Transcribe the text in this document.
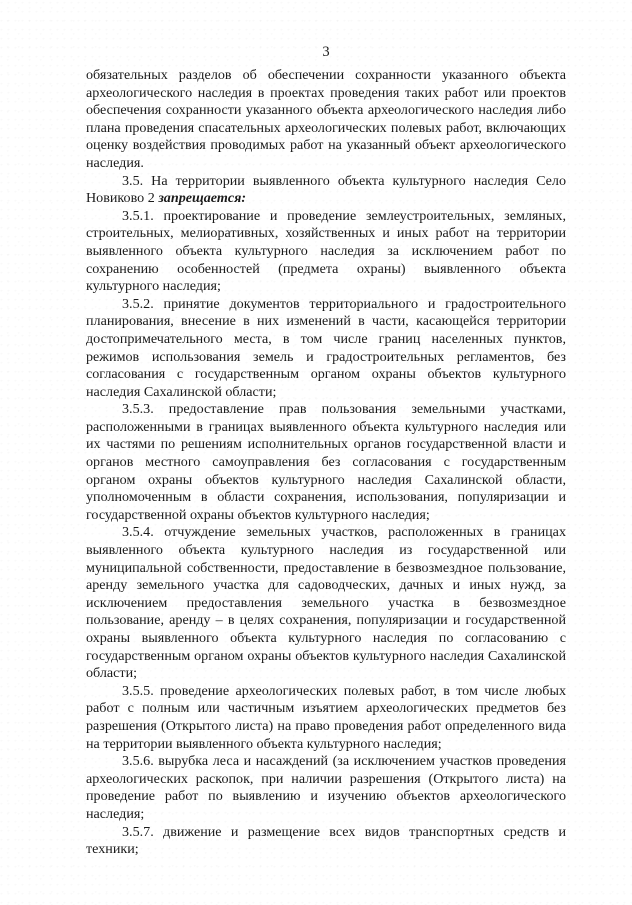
3

обязательных разделов об обеспечении сохранности указанного объекта археологического наследия в проектах проведения таких работ или проектов обеспечения сохранности указанного объекта археологического наследия либо плана проведения спасательных археологических полевых работ, включающих оценку воздействия проводимых работ на указанный объект археологического наследия.

3.5. На территории выявленного объекта культурного наследия Село Новиково 2 запрещается:

3.5.1. проектирование и проведение землеустроительных, земляных, строительных, мелиоративных, хозяйственных и иных работ на территории выявленного объекта культурного наследия за исключением работ по сохранению особенностей (предмета охраны) выявленного объекта культурного наследия;

3.5.2. принятие документов территориального и градостроительного планирования, внесение в них изменений в части, касающейся территории достопримечательного места, в том числе границ населенных пунктов, режимов использования земель и градостроительных регламентов, без согласования с государственным органом охраны объектов культурного наследия Сахалинской области;

3.5.3. предоставление прав пользования земельными участками, расположенными в границах выявленного объекта культурного наследия или их частями по решениям исполнительных органов государственной власти и органов местного самоуправления без согласования с государственным органом охраны объектов культурного наследия Сахалинской области, уполномоченным в области сохранения, использования, популяризации и государственной охраны объектов культурного наследия;

3.5.4. отчуждение земельных участков, расположенных в границах выявленного объекта культурного наследия из государственной или муниципальной собственности, предоставление в безвозмездное пользование, аренду земельного участка для садоводческих, дачных и иных нужд, за исключением предоставления земельного участка в безвозмездное пользование, аренду – в целях сохранения, популяризации и государственной охраны выявленного объекта культурного наследия по согласованию с государственным органом охраны объектов культурного наследия Сахалинской области;

3.5.5. проведение археологических полевых работ, в том числе любых работ с полным или частичным изъятием археологических предметов без разрешения (Открытого листа) на право проведения работ определенного вида на территории выявленного объекта культурного наследия;

3.5.6. вырубка леса и насаждений (за исключением участков проведения археологических раскопок, при наличии разрешения (Открытого листа) на проведение работ по выявлению и изучению объектов археологического наследия;

3.5.7. движение и размещение всех видов транспортных средств и техники;
